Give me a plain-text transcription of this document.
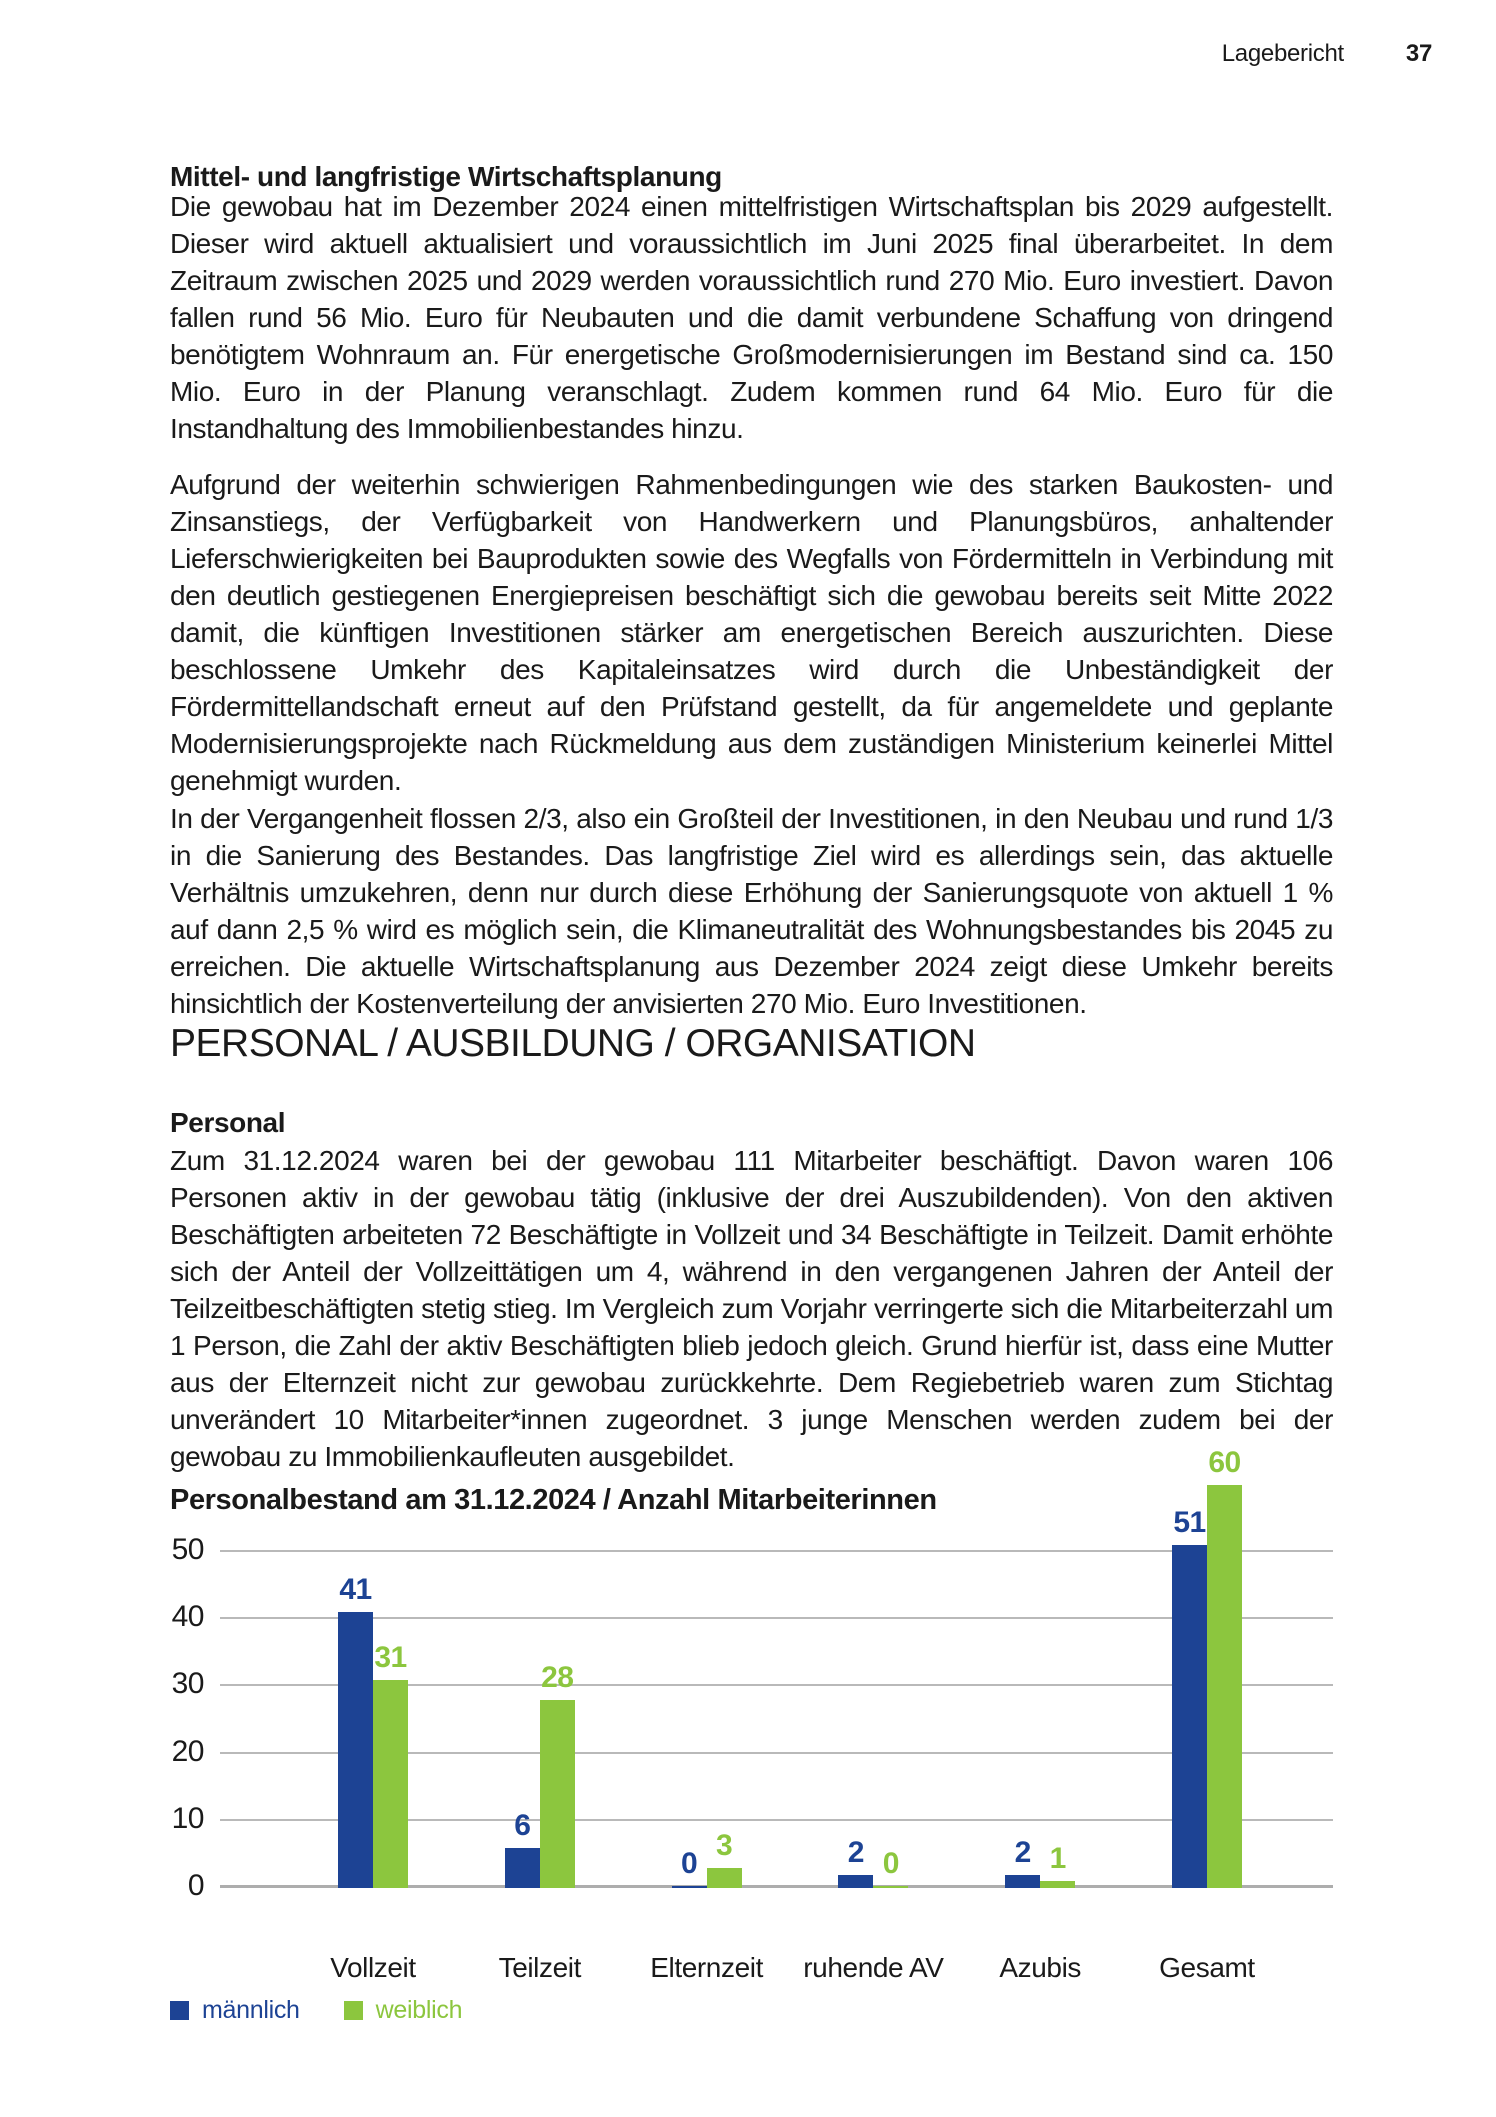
Lagebericht	37
Mittel- und langfristige Wirtschaftsplanung

Die gewobau hat im Dezember 2024 einen mittelfristigen Wirtschaftsplan bis 2029 aufgestellt. Dieser wird aktuell aktualisiert und voraussichtlich im Juni 2025 final überarbeitet. In dem Zeitraum zwischen 2025 und 2029 werden voraussichtlich rund 270 Mio. Euro investiert. Davon fallen rund 56 Mio. Euro für Neubauten und die damit verbundene Schaffung von dringend benötigtem Wohnraum an. Für energetische Großmodernisierungen im Bestand sind ca. 150 Mio. Euro in der Planung veranschlagt. Zudem kommen rund 64 Mio. Euro für die Instandhaltung des Immobilienbestandes hinzu.

Aufgrund der weiterhin schwierigen Rahmenbedingungen wie des starken Baukosten- und Zinsanstiegs, der Verfügbarkeit von Handwerkern und Planungsbüros, anhaltender Lieferschwierigkeiten bei Bauprodukten sowie des Wegfalls von Fördermitteln in Verbindung mit den deutlich gestiegenen Energiepreisen beschäftigt sich die gewobau bereits seit Mitte 2022 damit, die künftigen Investitionen stärker am energetischen Bereich auszurichten. Diese beschlossene Umkehr des Kapitaleinsatzes wird durch die Unbeständigkeit der Fördermittellandschaft erneut auf den Prüfstand gestellt, da für angemeldete und geplante Modernisierungsprojekte nach Rückmeldung aus dem zuständigen Ministerium keinerlei Mittel genehmigt wurden.

In der Vergangenheit flossen 2/3, also ein Großteil der Investitionen, in den Neubau und rund 1/3 in die Sanierung des Bestandes. Das langfristige Ziel wird es allerdings sein, das aktuelle Verhältnis umzukehren, denn nur durch diese Erhöhung der Sanierungsquote von aktuell 1 % auf dann 2,5 % wird es möglich sein, die Klimaneutralität des Wohnungsbestandes bis 2045 zu erreichen. Die aktuelle Wirtschaftsplanung aus Dezember 2024 zeigt diese Umkehr bereits hinsichtlich der Kostenverteilung der anvisierten 270 Mio. Euro Investitionen.

PERSONAL / AUSBILDUNG / ORGANISATION
Personal

Zum 31.12.2024 waren bei der gewobau 111 Mitarbeiter beschäftigt. Davon waren 106 Personen aktiv in der gewobau tätig (inklusive der drei Auszubildenden). Von den aktiven Beschäftigten arbeiteten 72 Beschäftigte in Vollzeit und 34 Beschäftigte in Teilzeit. Damit erhöhte sich der Anteil der Vollzeittätigen um 4, während in den vergangenen Jahren der Anteil der Teilzeitbeschäftigten stetig stieg. Im Vergleich zum Vorjahr verringerte sich die Mitarbeiterzahl um 1 Person, die Zahl der aktiv Beschäftigten blieb jedoch gleich. Grund hierfür ist, dass eine Mutter aus der Elternzeit nicht zur gewobau zurückkehrte. Dem Regiebetrieb waren zum Stichtag unverändert 10 Mitarbeiter*innen zugeordnet. 3 junge Menschen werden zudem bei der gewobau zu Immobilienkaufleuten ausgebildet.

Personalbestand am 31.12.2024 / Anzahl Mitarbeiterinnen
0
10
20
30
40
50
41
31
6
28
0
3	2 0	2 1
51
60
Vollzeit	Teilzeit	Elternzeit	ruhende AV	Azubis	Gesamt
männlich	weiblich
